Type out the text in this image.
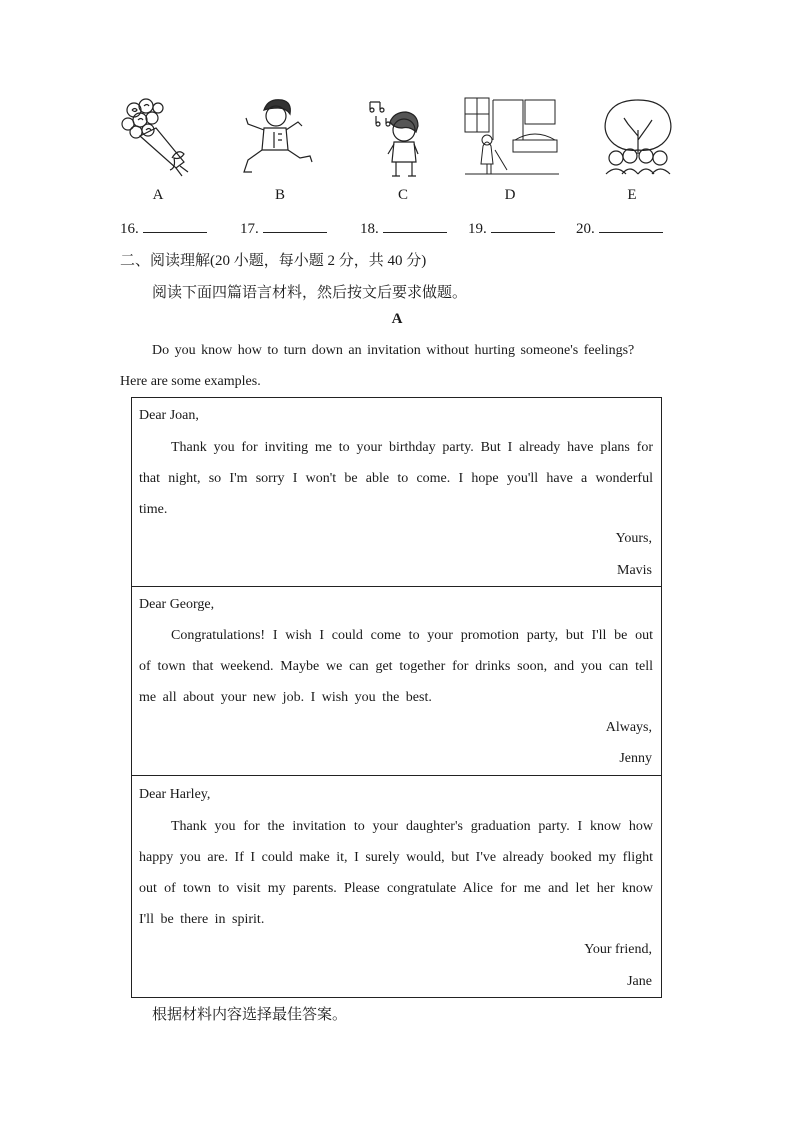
A	B	C	D	E
16.	17.	18.	19.	20.
二、阅读理解(20 小题，每小题 2 分，共 40 分)
阅读下面四篇语言材料，然后按文后要求做题。
A
Do you know how to turn down an invitation without hurting someone's feelings?
Here are some examples.
Dear Joan,
Thank you for inviting me to your birthday party. But I already have plans for that night, so I'm sorry I won't be able to come. I hope you'll have a wonderful time.
Yours,
Mavis
Dear George,
Congratulations! I wish I could come to your promotion party, but I'll be out of town that weekend. Maybe we can get together for drinks soon, and you can tell me all about your new job. I wish you the best.
Always,
Jenny
Dear Harley,
Thank you for the invitation to your daughter's graduation party. I know how happy you are. If I could make it, I surely would, but I've already booked my flight out of town to visit my parents. Please congratulate Alice for me and let her know I'll be there in spirit.
Your friend,
Jane
根据材料内容选择最佳答案。
